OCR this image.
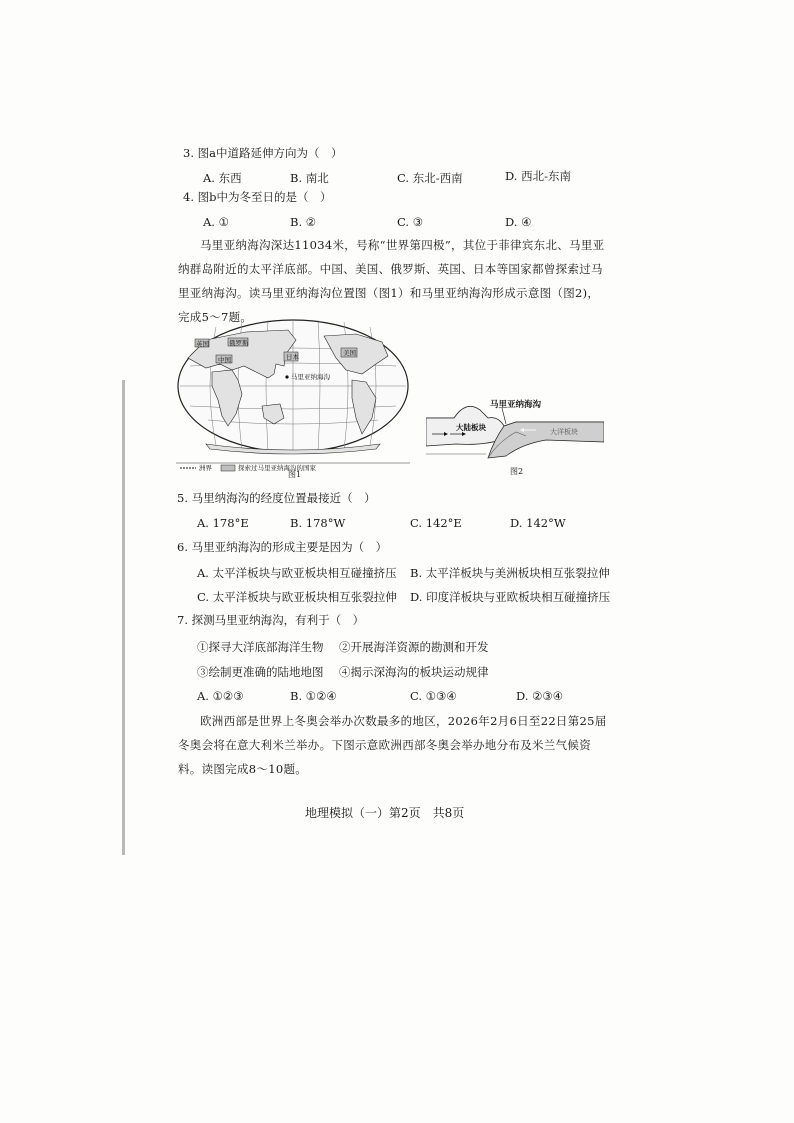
3. 图a中道路延伸方向为（　）
A. 东西	B. 南北	C. 东北-西南	D. 西北-东南
4. 图b中为冬至日的是（　）
A. ①	B. ②	C. ③	D. ④
马里亚纳海沟深达11034米，号称“世界第四极”，其位于菲律宾东北、马里亚纳群岛附近的太平洋底部。中国、美国、俄罗斯、英国、日本等国家都曾探索过马里亚纳海沟。读马里亚纳海沟位置图（图1）和马里亚纳海沟形成示意图（图2)，完成5～7题。
英国	俄罗斯
中国	日本	美国
马里亚纳海沟
洲界	探索过马里亚纳海沟的国家
图1
大陆板块	大洋板块
马里亚纳海沟
图2
5. 马里纳海沟的经度位置最接近（　）
A. 178°E	B. 178°W	C. 142°E	D. 142°W
6. 马里亚纳海沟的形成主要是因为（　）
A. 太平洋板块与欧亚板块相互碰撞挤压 B. 太平洋板块与美洲板块相互张裂拉伸
C. 太平洋板块与欧亚板块相互张裂拉伸 D. 印度洋板块与亚欧板块相互碰撞挤压
7. 探测马里亚纳海沟，有利于（　）
①探寻大洋底部海洋生物 ②开展海洋资源的勘测和开发
③绘制更准确的陆地地图 ④揭示深海沟的板块运动规律
A. ①②③	B. ①②④	C. ①③④	D. ②③④
欧洲西部是世界上冬奥会举办次数最多的地区，2026年2月6日至22日第25届冬奥会将在意大利米兰举办。下图示意欧洲西部冬奥会举办地分布及米兰气候资料。读图完成8～10题。
地理模拟（一）第2页　共8页
